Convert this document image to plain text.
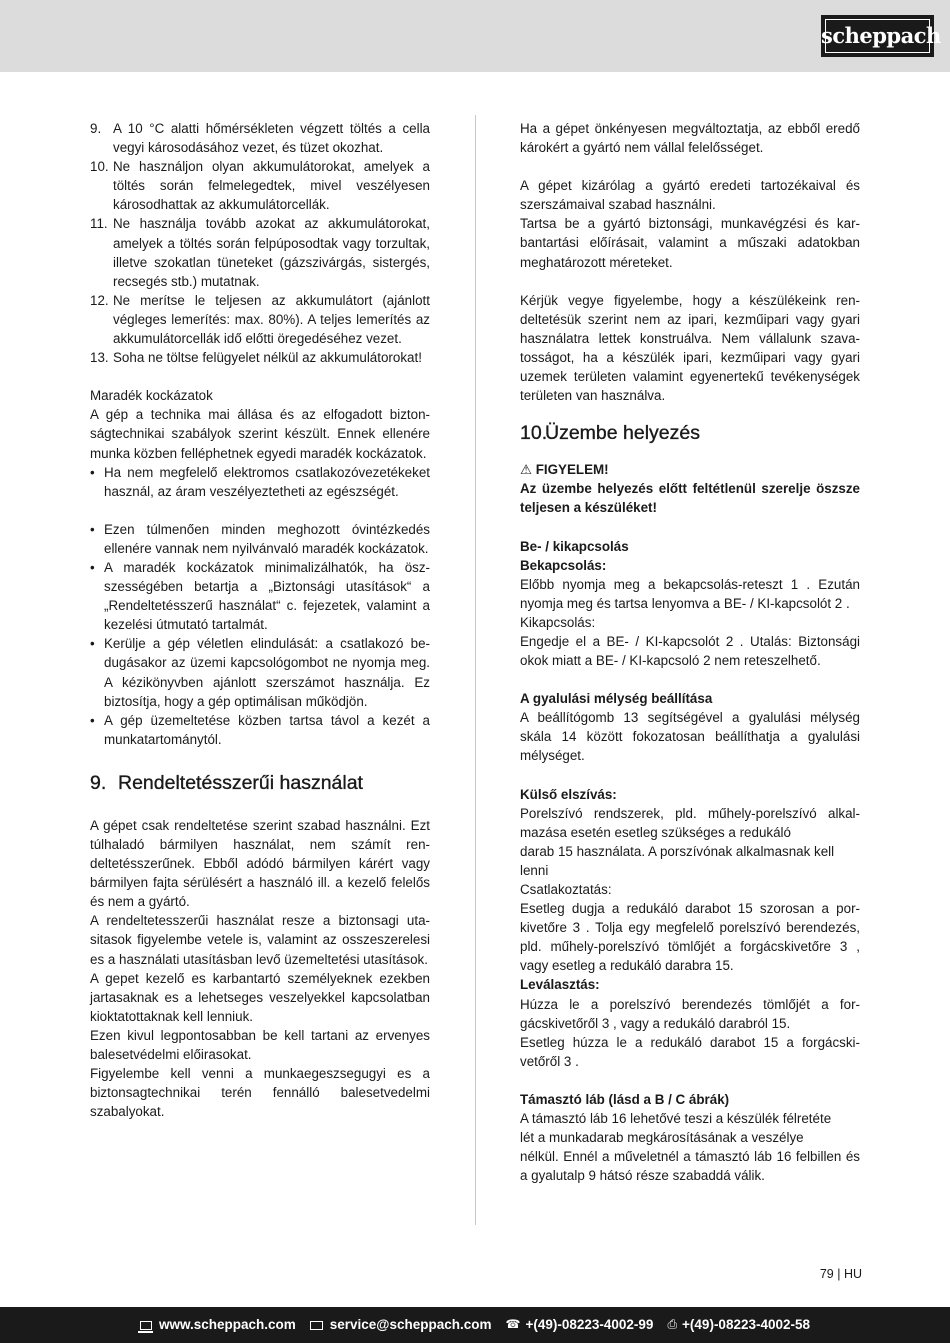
scheppach
9. A 10 °C alatti hőmérsékleten végzett töltés a cella vegyi károsodásához vezet, és tüzet okozhat.
10. Ne használjon olyan akkumulátorokat, amelyek a töltés során felmelegedtek, mivel veszélyesen károsodhattak az akkumulátorcellák.
11. Ne használja tovább azokat az akkumulátorokat, amelyek a töltés során felpúposodtak vagy torzultak, illetve szokatlan tüneteket (gázszivárgás, sistergés, recsegés stb.) mutatnak.
12. Ne merítse le teljesen az akkumulátort (ajánlott végleges lemerítés: max. 80%). A teljes lemerítés az akkumulátorcellák idő előtti öregedéséhez vezet.
13. Soha ne töltse felügyelet nélkül az akkumulátorokat!
Maradék kockázatok

A gép a technika mai állása és az elfogadott biztonságtechnikai szabályok szerint készült. Ennek ellenére munka közben felléphetnek egyedi maradék kockázatok.

• Ha nem megfelelő elektromos csatlakozóvezetékeket használ, az áram veszélyeztetheti az egészségét.
• Ezen túlmenően minden meghozott óvintézkedés ellenére vannak nem nyilvánvaló maradék kockázatok.
• A maradék kockázatok minimalizálhatók, ha öszszességében betartja a „Biztonsági utasítások“ a „Rendeltetésszerű használat“ c. fejezetek, valamint a kezelési útmutató tartalmát.
• Kerülje a gép véletlen elindulását: a csatlakozó bedugásakor az üzemi kapcsológombot ne nyomja meg. A kézikönyvben ajánlott szerszámot használja. Ez biztosítja, hogy a gép optimálisan működjön.
• A gép üzemeltetése közben tartsa távol a kezét a munkatartománytól.
9. Rendeltetésszerűi használat

A gépet csak rendeltetése szerint szabad használni. Ezt túlhaladó bármilyen használat, nem számít rendeltetésszerűnek. Ebből adódó bármilyen kárért vagy bármilyen fajta sérülésért a használó ill. a kezelő felelős és nem a gyártó.

A rendeltetesszerűi használat resze a biztonsagi utasitasok figyelembe vetele is, valamint az osszeszerelesi es a használati utasításban levő üzemeltetési utasítások.

A gepet kezelő es karbantartó személyeknek ezekben jartasaknak es a lehetseges veszelyekkel kapcsolatban kioktatottaknak kell lenniuk.

Ezen kivul legpontosabban be kell tartani az ervenyes balesetvédelmi előirasokat.

Figyelembe kell venni a munkaegeszsegugyi es a biztonsagtechnikai terén fennálló balesetvedelmi szabalyokat.

Ha a gépet önkényesen megváltoztatja, az ebből eredő károkért a gyártó nem vállal felelősséget.

A gépet kizárólag a gyártó eredeti tartozékaival és szerszámaival szabad használni.

Tartsa be a gyártó biztonsági, munkavégzési és karbantartási előírásait, valamint a műszaki adatokban meghatározott méreteket.

Kérjük vegye figyelembe, hogy a készülékeink rendeltetésük szerint nem az ipari, kezműipari vagy gyari használatra lettek konstruálva. Nem vállalunk szavatosságot, ha a készülék ipari, kezműipari vagy gyari uzemek területen valamint egyenertekű tevékenységek területen van használva.

10.
Üzembe helyezés
⚠ FIGYELEM!

Az üzembe helyezés előtt feltétlenül szerelje öszsze teljesen a készüléket!

Be- / kikapcsolás
Bekapcsolás:

Előbb nyomja meg a bekapcsolás-reteszt 1 . Ezután nyomja meg és tartsa lenyomva a BE- / KI-kapcsolót 2 .

Kikapcsolás:

Engedje el a BE- / KI-kapcsolót 2 . Utalás: Biztonsági okok miatt a BE- / KI-kapcsoló 2 nem reteszelhető.

A gyalulási mélység beállítása

A beállítógomb 13 segítségével a gyalulási mélység skála 14 között fokozatosan beállíthatja a gyalulási mélységet.

Külső elszívás:

Porelszívó rendszerek, pld. műhely-porelszívó alkalmazása esetén esetleg szükséges a redukáló

darab 15 használata. A porszívónak alkalmasnak kell lenni
Csatlakoztatás:

Esetleg dugja a redukáló darabot 15 szorosan a porkivetőre 3 . Tolja egy megfelelő porelszívó berendezés, pld. műhely-porelszívó tömlőjét a forgácskivetőre 3 , vagy esetleg a redukáló darabra 15.

Leválasztás:

Húzza le a porelszívó berendezés tömlőjét a forgácskivetőről 3 , vagy a redukáló darabról 15.

Esetleg húzza le a redukáló darabot 15 a forgácskivetőről 3 .

Támasztó láb (lásd a B / C ábrák)
A támasztó láb 16 lehetővé teszi a készülék félretéte
lét a munkadarab megkárosításának a veszélye

nélkül. Ennél a műveletnél a támasztó láb 16 felbillen és a gyalutalp 9 hátsó része szabaddá válik.

79 | HU
www.scheppach.com	service@scheppach.com ☎ +(49)-08223-4002-99 ⎙ +(49)-08223-4002-58
